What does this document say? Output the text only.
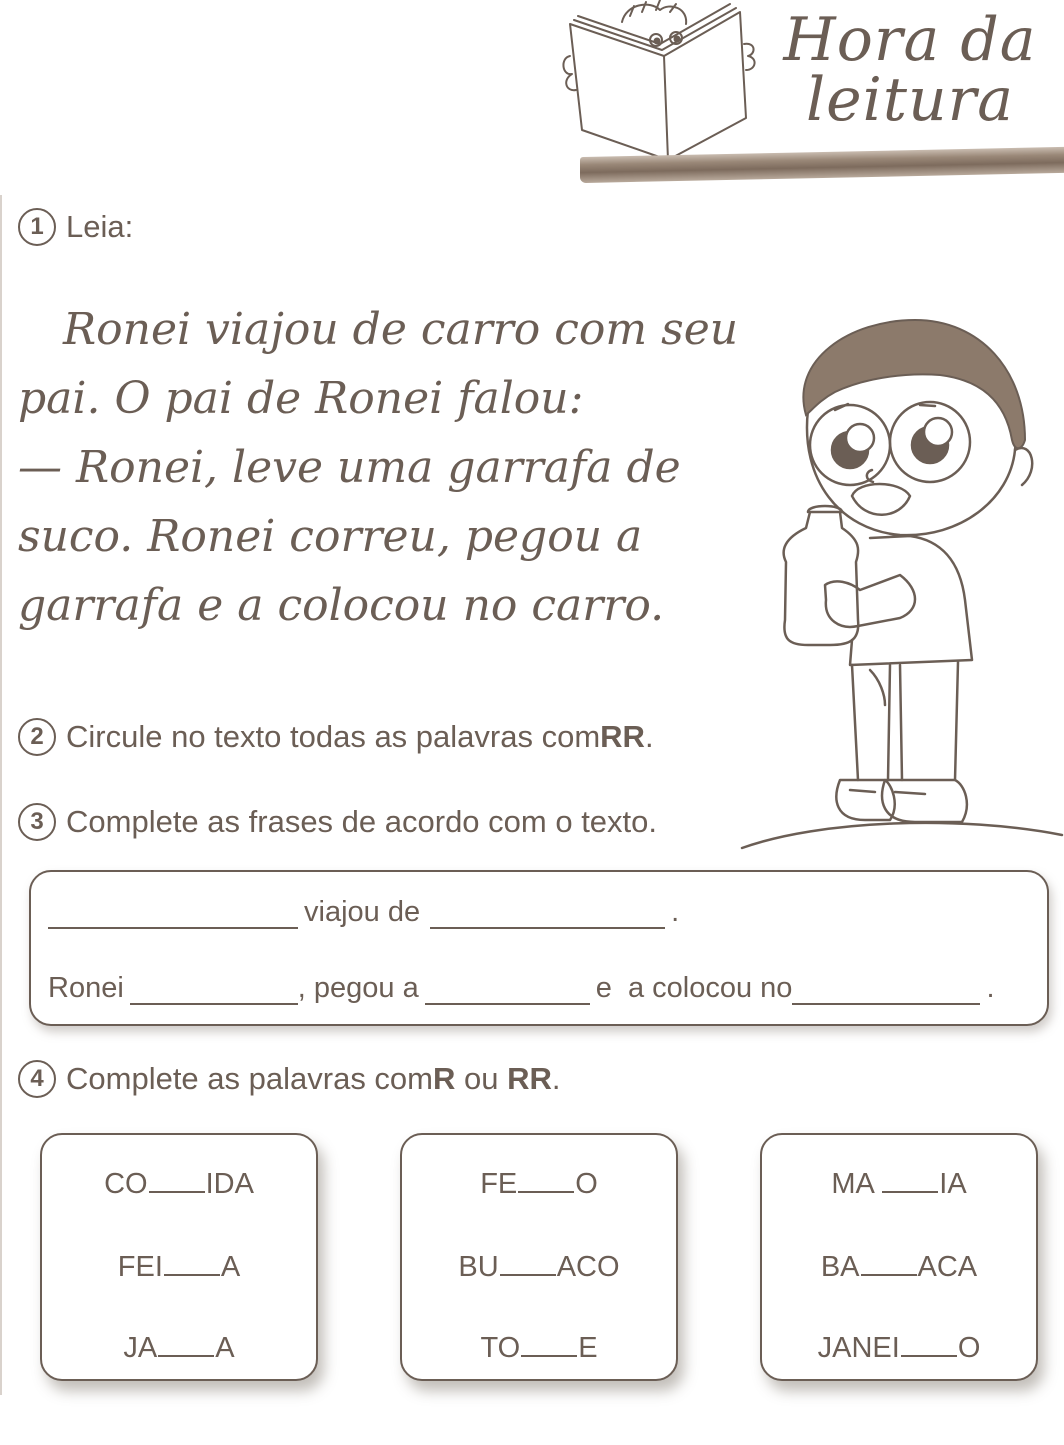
Hora da
leitura
1 Leia:
Ronei viajou de carro com seu
pai. O pai de Ronei falou:
— Ronei, leve uma garrafa de
suco. Ronei correu, pegou a
garrafa e a colocou no carro.
2 Circule no texto todas as palavras com RR .
3 Complete as frases de acordo com o texto.
viajou de	.
Ronei	, pegou a	e  a colocou no	.
4 Complete as palavras com R ou RR .
CO IDA
FEI A
JA A
FE O
BU ACO
TO E
MA IA
BA ACA
JANEI O
